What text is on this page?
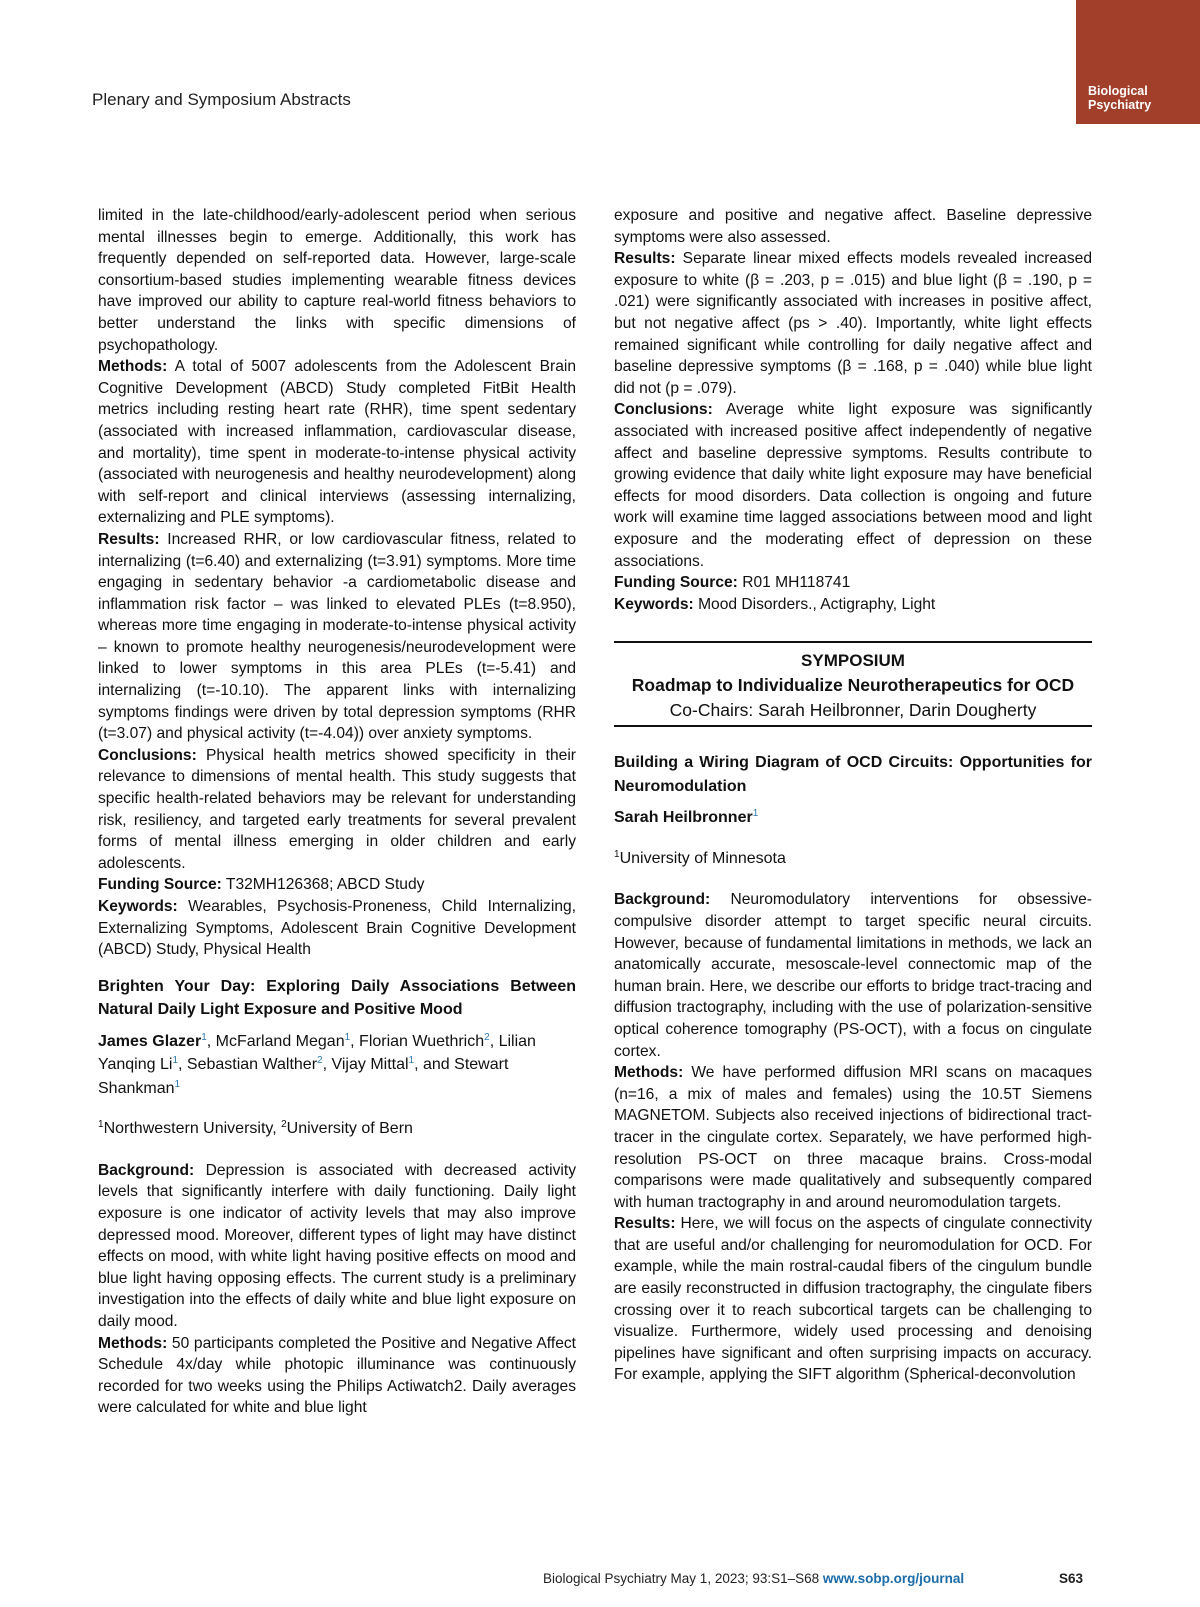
Plenary and Symposium Abstracts	Biological
Psychiatry

limited in the late-childhood/early-adolescent period when serious mental illnesses begin to emerge. Additionally, this work has frequently depended on self-reported data. However, large-scale consortium-based studies implementing wearable fitness devices have improved our ability to capture real-world fitness behaviors to better understand the links with specific dimensions of psychopathology.

Methods: A total of 5007 adolescents from the Adolescent Brain Cognitive Development (ABCD) Study completed FitBit Health metrics including resting heart rate (RHR), time spent sedentary (associated with increased inflammation, cardiovascular disease, and mortality), time spent in moderate-to-intense physical activity (associated with neurogenesis and healthy neurodevelopment) along with self-report and clinical interviews (assessing internalizing, externalizing and PLE symptoms).

Results: Increased RHR, or low cardiovascular fitness, related to internalizing (t=6.40) and externalizing (t=3.91) symptoms. More time engaging in sedentary behavior -a cardiometabolic disease and inflammation risk factor – was linked to elevated PLEs (t=8.950), whereas more time engaging in moderate-to-intense physical activity – known to promote healthy neurogenesis/neurodevelopment were linked to lower symptoms in this area PLEs (t=-5.41) and internalizing (t=-10.10). The apparent links with internalizing symptoms findings were driven by total depression symptoms (RHR (t=3.07) and physical activity (t=-4.04)) over anxiety symptoms.

Conclusions: Physical health metrics showed specificity in their relevance to dimensions of mental health. This study suggests that specific health-related behaviors may be relevant for understanding risk, resiliency, and targeted early treatments for several prevalent forms of mental illness emerging in older children and early adolescents.

Funding Source: T32MH126368; ABCD Study

Keywords: Wearables, Psychosis-Proneness, Child Internalizing, Externalizing Symptoms, Adolescent Brain Cognitive Development (ABCD) Study, Physical Health

Brighten Your Day: Exploring Daily Associations Between Natural Daily Light Exposure and Positive Mood

James Glazer$^1$, McFarland Megan$^1$, Florian Wuethrich$^2$, Lilian Yanqing Li$^1$, Sebastian Walther$^2$, Vijay Mittal$^1$, and Stewart Shankman$^1$

$^1$Northwestern University, $^2$University of Bern

Background: Depression is associated with decreased activity levels that significantly interfere with daily functioning. Daily light exposure is one indicator of activity levels that may also improve depressed mood. Moreover, different types of light may have distinct effects on mood, with white light having positive effects on mood and blue light having opposing effects. The current study is a preliminary investigation into the effects of daily white and blue light exposure on daily mood.

Methods: 50 participants completed the Positive and Negative Affect Schedule 4x/day while photopic illuminance was continuously recorded for two weeks using the Philips Actiwatch2. Daily averages were calculated for white and blue light

exposure and positive and negative affect. Baseline depressive symptoms were also assessed.

Results: Separate linear mixed effects models revealed increased exposure to white (β = .203, p = .015) and blue light (β = .190, p = .021) were significantly associated with increases in positive affect, but not negative affect (ps > .40). Importantly, white light effects remained significant while controlling for daily negative affect and baseline depressive symptoms (β = .168, p = .040) while blue light did not (p = .079).

Conclusions: Average white light exposure was significantly associated with increased positive affect independently of negative affect and baseline depressive symptoms. Results contribute to growing evidence that daily white light exposure may have beneficial effects for mood disorders. Data collection is ongoing and future work will examine time lagged associations between mood and light exposure and the moderating effect of depression on these associations.

Funding Source: R01 MH118741

Keywords: Mood Disorders., Actigraphy, Light

SYMPOSIUM
Roadmap to Individualize Neurotherapeutics for OCD
Co-Chairs: Sarah Heilbronner, Darin Dougherty

Building a Wiring Diagram of OCD Circuits: Opportunities for Neuromodulation

Sarah Heilbronner$^1$

$^1$University of Minnesota

Background: Neuromodulatory interventions for obsessive-compulsive disorder attempt to target specific neural circuits. However, because of fundamental limitations in methods, we lack an anatomically accurate, mesoscale-level connectomic map of the human brain. Here, we describe our efforts to bridge tract-tracing and diffusion tractography, including with the use of polarization-sensitive optical coherence tomography (PS-OCT), with a focus on cingulate cortex.

Methods: We have performed diffusion MRI scans on macaques (n=16, a mix of males and females) using the 10.5T Siemens MAGNETOM. Subjects also received injections of bidirectional tract-tracer in the cingulate cortex. Separately, we have performed high-resolution PS-OCT on three macaque brains. Cross-modal comparisons were made qualitatively and subsequently compared with human tractography in and around neuromodulation targets.

Results: Here, we will focus on the aspects of cingulate connectivity that are useful and/or challenging for neuromodulation for OCD. For example, while the main rostral-caudal fibers of the cingulum bundle are easily reconstructed in diffusion tractography, the cingulate fibers crossing over it to reach subcortical targets can be challenging to visualize. Furthermore, widely used processing and denoising pipelines have significant and often surprising impacts on accuracy. For example, applying the SIFT algorithm (Spherical-deconvolution

Biological Psychiatry May 1, 2023; 93:S1–S68 www.sobp.org/journal	S63
